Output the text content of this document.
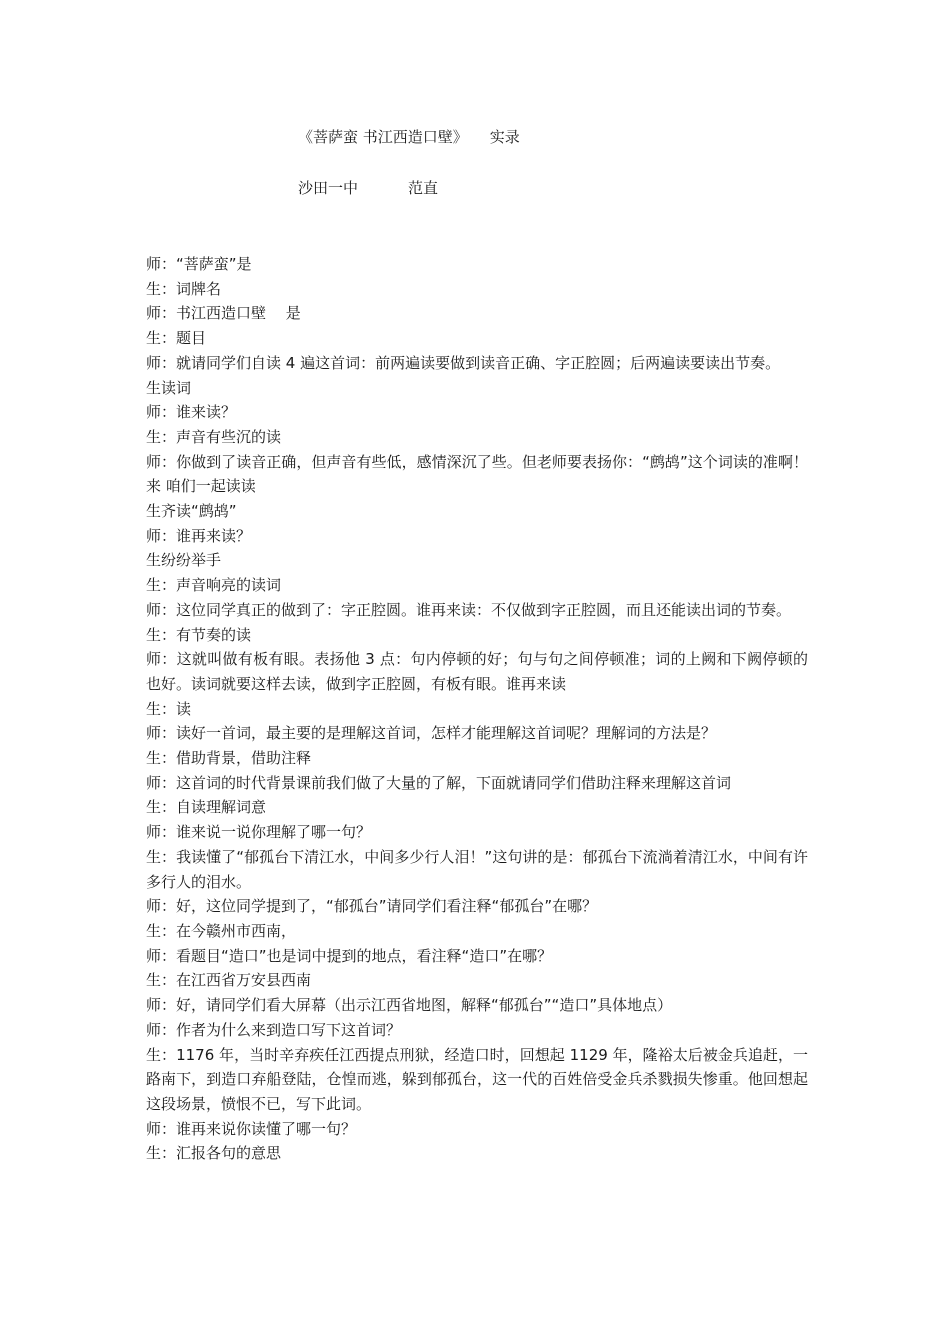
《菩萨蛮 书江西造口壁》 实录
沙田一中	范直

师：“菩萨蛮”是

生：词牌名

师：书江西造口壁　 是

生：题目

师：就请同学们自读 4 遍这首词：前两遍读要做到读音正确、字正腔圆；后两遍读要读出节奏。

生读词

师：谁来读？

生：声音有些沉的读

师：你做到了读音正确，但声音有些低，感情深沉了些。但老师要表扬你：“鹧鸪”这个词读的准啊！来 咱们一起读读

生齐读“鹧鸪”

师：谁再来读？

生纷纷举手

生：声音响亮的读词

师：这位同学真正的做到了：字正腔圆。谁再来读：不仅做到字正腔圆，而且还能读出词的节奏。

生：有节奏的读

师：这就叫做有板有眼。表扬他 3 点：句内停顿的好；句与句之间停顿准；词的上阙和下阙停顿的也好。读词就要这样去读，做到字正腔圆，有板有眼。谁再来读

生：读

师：读好一首词，最主要的是理解这首词，怎样才能理解这首词呢？理解词的方法是？

生：借助背景，借助注释

师：这首词的时代背景课前我们做了大量的了解，下面就请同学们借助注释来理解这首词

生：自读理解词意

师：谁来说一说你理解了哪一句？

生：我读懂了“郁孤台下清江水，中间多少行人泪！”这句讲的是：郁孤台下流淌着清江水，中间有许多行人的泪水。

师：好，这位同学提到了，“郁孤台”请同学们看注释“郁孤台”在哪？

生：在今赣州市西南，

师：看题目“造口”也是词中提到的地点，看注释“造口”在哪？

生：在江西省万安县西南

师：好，请同学们看大屏幕（出示江西省地图，解释“郁孤台”“造口”具体地点）

师：作者为什么来到造口写下这首词？

生：1176 年，当时辛弃疾任江西提点刑狱，经造口时，回想起 1129 年，隆裕太后被金兵追赶，一路南下，到造口弃船登陆，仓惶而逃，躲到郁孤台，这一代的百姓倍受金兵杀戮损失惨重。他回想起这段场景，愤恨不已，写下此词。

师：谁再来说你读懂了哪一句？

生：汇报各句的意思
